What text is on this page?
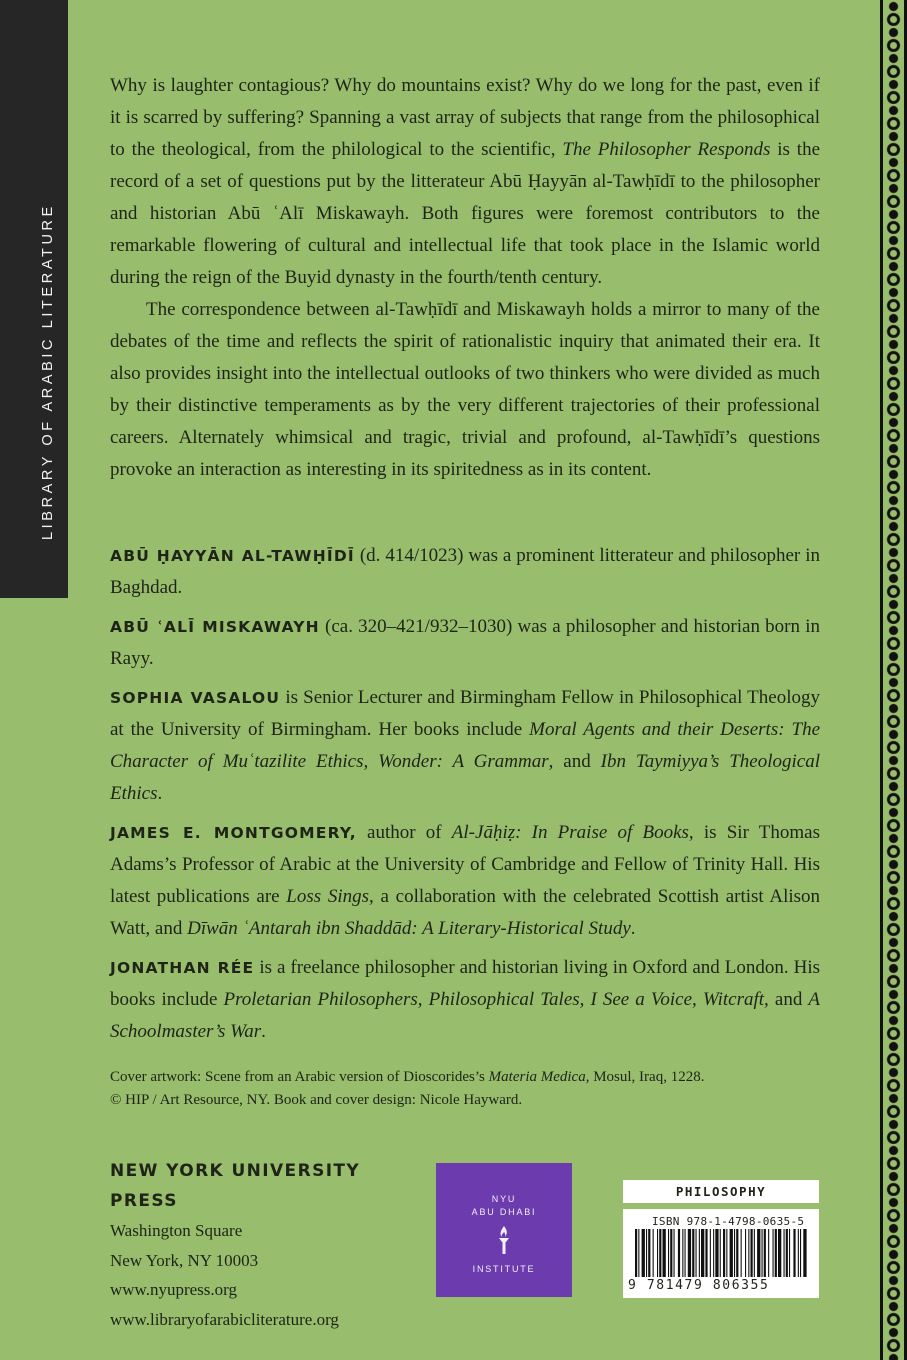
LIBRARY OF ARABIC LITERATURE

Why is laughter contagious? Why do mountains exist? Why do we long for the past, even if it is scarred by suffering? Spanning a vast array of subjects that range from the philosophical to the theological, from the philological to the scientific, The Philosopher Responds is the record of a set of questions put by the litterateur Abū Ḥayyān al-Tawḥīdī to the philosopher and historian Abū ʿAlī Miskawayh. Both figures were foremost contributors to the remarkable flowering of cultural and intellectual life that took place in the Islamic world during the reign of the Buyid dynasty in the fourth/tenth century.

The correspondence between al-Tawḥīdī and Miskawayh holds a mirror to many of the debates of the time and reflects the spirit of rationalistic inquiry that animated their era. It also provides insight into the intellectual outlooks of two thinkers who were divided as much by their distinctive temperaments as by the very different trajectories of their professional careers. Alternately whimsical and tragic, trivial and profound, al-Tawḥīdī’s questions provoke an interaction as interesting in its spiritedness as in its content.

ABŪ ḤAYYĀN AL-TAWḤĪDĪ (d. 414/1023) was a prominent litterateur and philosopher in Baghdad.

ABŪ ʿALĪ MISKAWAYH (ca. 320–421/932–1030) was a philosopher and historian born in Rayy.

SOPHIA VASALOU is Senior Lecturer and Birmingham Fellow in Philosophical Theology at the University of Birmingham. Her books include Moral Agents and their Deserts: The Character of Muʿtazilite Ethics, Wonder: A Grammar, and Ibn Taymiyya’s Theological Ethics.

JAMES E. MONTGOMERY, author of Al-Jāḥiẓ: In Praise of Books, is Sir Thomas Adams’s Professor of Arabic at the University of Cambridge and Fellow of Trinity Hall. His latest publications are Loss Sings, a collaboration with the celebrated Scottish artist Alison Watt, and Dīwān ʿAntarah ibn Shaddād: A Literary-Historical Study.

JONATHAN RÉE is a freelance philosopher and historian living in Oxford and London. His books include Proletarian Philosophers, Philosophical Tales, I See a Voice, Witcraft, and A Schoolmaster’s War.

Cover artwork: Scene from an Arabic version of Dioscorides’s Materia Medica, Mosul, Iraq, 1228.
© HIP / Art Resource, NY. Book and cover design: Nicole Hayward.
NEW YORK UNIVERSITY PRESS
Washington Square
New York, NY 10003
www.nyupress.org
www.libraryofarabicliterature.org
NYU
ABU DHABI
INSTITUTE
PHILOSOPHY
ISBN 978-1-4798-0635-5
9 781479 806355
